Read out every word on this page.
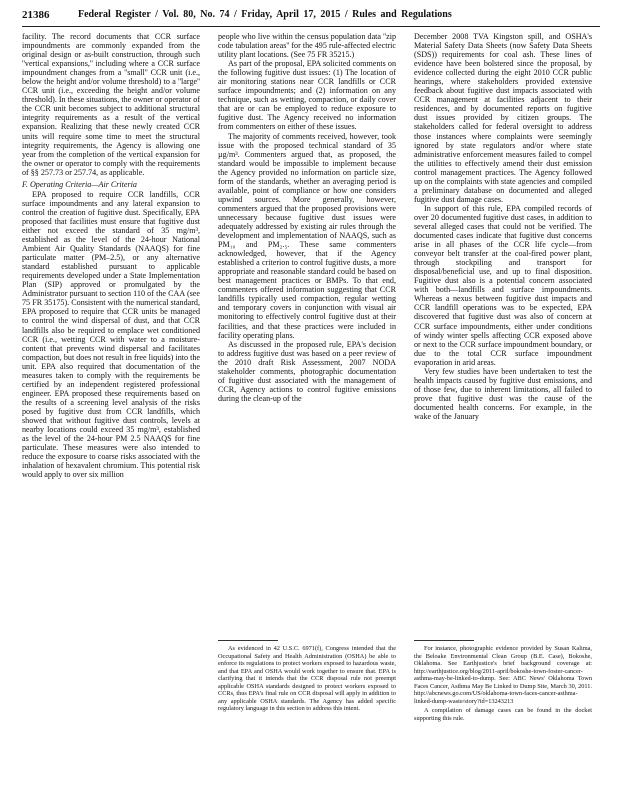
21386	Federal Register / Vol. 80, No. 74 / Friday, April 17, 2015 / Rules and Regulations

facility. The record documents that CCR surface impoundments are commonly expanded from the original design or as-built construction, through such ''vertical expansions,'' including where a CCR surface impoundment changes from a ''small'' CCR unit (i.e., below the height and/or volume threshold) to a ''large'' CCR unit (i.e., exceeding the height and/or volume threshold). In these situations, the owner or operator of the CCR unit becomes subject to additional structural integrity requirements as a result of the vertical expansion. Realizing that these newly created CCR units will require some time to meet the structural integrity requirements, the Agency is allowing one year from the completion of the vertical expansion for the owner or operator to comply with the requirements of §§ 257.73 or 257.74, as applicable.

F. Operating Criteria—Air Criteria

EPA proposed to require CCR landfills, CCR surface impoundments and any lateral expansion to control the creation of fugitive dust. Specifically, EPA proposed that facilities must ensure that fugitive dust either not exceed the standard of 35 mg/m³, established as the level of the 24-hour National Ambient Air Quality Standards (NAAQS) for fine particulate matter (PM–2.5), or any alternative standard established pursuant to applicable requirements developed under a State Implementation Plan (SIP) approved or promulgated by the Administrator pursuant to section 110 of the CAA (see 75 FR 35175). Consistent with the numerical standard, EPA proposed to require that CCR units be managed to control the wind dispersal of dust, and that CCR landfills also be required to emplace wet conditioned CCR (i.e., wetting CCR with water to a moisture-content that prevents wind dispersal and facilitates compaction, but does not result in free liquids) into the unit. EPA also required that documentation of the measures taken to comply with the requirements be certified by an independent registered professional engineer. EPA proposed these requirements based on the results of a screening level analysis of the risks posed by fugitive dust from CCR landfills, which showed that without fugitive dust controls, levels at nearby locations could exceed 35 mg/m³, established as the level of the 24-hour PM 2.5 NAAQS for fine particulate. These measures were also intended to reduce the exposure to coarse risks associated with the inhalation of hexavalent chromium. This potential risk would apply to over six million

people who live within the census population data ''zip code tabulation areas'' for the 495 rule-affected electric utility plant locations. (See 75 FR 35215.)

As part of the proposal, EPA solicited comments on the following fugitive dust issues: (1) The location of air monitoring stations near CCR landfills or CCR surface impoundments; and (2) information on any technique, such as wetting, compaction, or daily cover that are or can be employed to reduce exposure to fugitive dust. The Agency received no information from commenters on either of these issues.

The majority of comments received, however, took issue with the proposed technical standard of 35 µg/m³. Commenters argued that, as proposed, the standard would be impossible to implement because the Agency provided no information on particle size, form of the standards, whether an averaging period is available, point of compliance or how one considers upwind sources. More generally, however, commenters argued that the proposed provisions were unnecessary because fugitive dust issues were adequately addressed by existing air rules through the development and implementation of NAAQS, such as PM₁₀ and PM₂.₅. These same commenters acknowledged, however, that if the Agency established a criterion to control fugitive dusts, a more appropriate and reasonable standard could be based on best management practices or BMPs. To that end, commenters offered information suggesting that CCR landfills typically used compaction, regular wetting and temporary covers in conjunction with visual air monitoring to effectively control fugitive dust at their facilities, and that these practices were included in facility operating plans.

As discussed in the proposed rule, EPA's decision to address fugitive dust was based on a peer review of the 2010 draft Risk Assessment, 2007 NODA stakeholder comments, photographic documentation of fugitive dust associated with the management of CCR, Agency actions to control fugitive emissions during the clean-up of the

December 2008 TVA Kingston spill, and OSHA's Material Safety Data Sheets (now Safety Data Sheets (SDS)) requirements for coal ash. These lines of evidence have been bolstered since the proposal, by evidence collected during the eight 2010 CCR public hearings, where stakeholders provided extensive feedback about fugitive dust impacts associated with CCR management at facilities adjacent to their residences, and by documented reports on fugitive dust issues provided by citizen groups. The stakeholders called for federal oversight to address those instances where complaints were seemingly ignored by state regulators and/or where state administrative enforcement measures failed to compel the utilities to effectively amend their dust emission control management practices. The Agency followed up on the complaints with state agencies and compiled a preliminary database on documented and alleged fugitive dust damage cases.

In support of this rule, EPA compiled records of over 20 documented fugitive dust cases, in addition to several alleged cases that could not be verified. The documented cases indicate that fugitive dust concerns arise in all phases of the CCR life cycle—from conveyor belt transfer at the coal-fired power plant, through stockpiling and transport for disposal/beneficial use, and up to final disposition. Fugitive dust also is a potential concern associated with both—landfills and surface impoundments. Whereas a nexus between fugitive dust impacts and CCR landfill operations was to be expected, EPA discovered that fugitive dust was also of concern at CCR surface impoundments, either under conditions of windy winter spells affecting CCR exposed above or next to the CCR surface impoundment boundary, or due to the total CCR surface impoundment evaporation in arid areas.

Very few studies have been undertaken to test the health impacts caused by fugitive dust emissions, and of those few, due to inherent limitations, all failed to prove that fugitive dust was the cause of the documented health concerns. For example, in the wake of the January

As evidenced in 42 U.S.C. 6971(f), Congress intended that the Occupational Safety and Health Administration (OSHA) be able to enforce its regulations to protect workers exposed to hazardous waste, and that EPA and OSHA would work together to ensure that. EPA is clarifying that it intends that the CCR disposal rule not preempt applicable OSHA standards designed to protect workers exposed to CCRs, thus EPA's final rule on CCR disposal will apply in addition to any applicable OSHA standards. The Agency has added specific regulatory language in this section to address this intent.

For instance, photographic evidence provided by Susan Kalima, the Beloake Environmental Clean Group (B.E. Case), Bokoshe, Oklahoma. See Earthjustice's brief background coverage at: http://earthjustice.org/blog/2011-april/bokoshe-town-foster-cancer-asthma-may-be-linked-to-dump. See: ABC News' Oklahoma Town Faces Cancer, Asthma May Be Linked to Dump Site, March 30, 2011. http://abcnews.go.com/US/oklahoma-town-faces-cancer-asthma-linked-dump-waste/story?id=13243213

A compilation of damage cases can be found in the docket supporting this rule.
